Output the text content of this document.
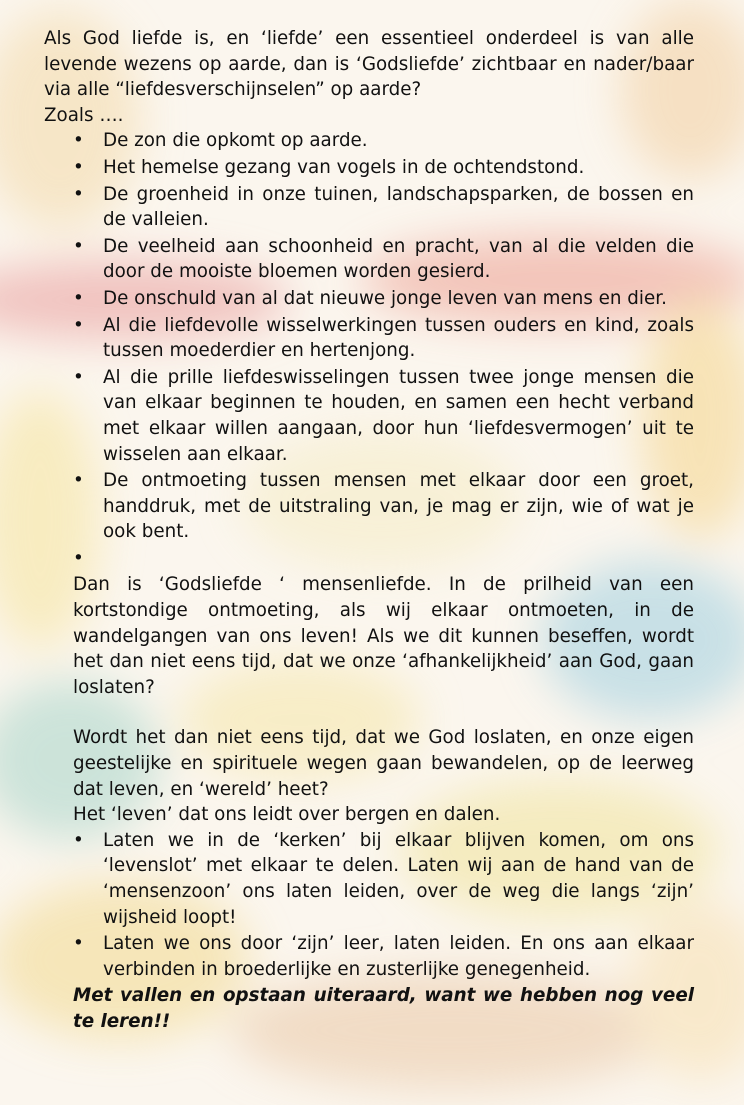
Als God liefde is, en ‘liefde’ een essentieel onderdeel is van alle levende wezens op aarde, dan is ‘Godsliefde’ zichtbaar en nader/baar via alle “liefdesverschijnselen” op aarde?

Zoals ….

• De zon die opkomt op aarde.
• Het hemelse gezang van vogels in de ochtendstond.
• De groenheid in onze tuinen, landschapsparken, de bossen en de valleien.
• De veelheid aan schoonheid en pracht, van al die velden die door de mooiste bloemen worden gesierd.
• De onschuld van al dat nieuwe jonge leven van mens en dier.
• Al die liefdevolle wisselwerkingen tussen ouders en kind, zoals tussen moederdier en hertenjong.
• Al die prille liefdeswisselingen tussen twee jonge mensen die van elkaar beginnen te houden, en samen een hecht verband met elkaar willen aangaan, door hun ‘liefdesvermogen’ uit te wisselen aan elkaar.
• De ontmoeting tussen mensen met elkaar door een groet, handdruk, met de uitstraling van, je mag er zijn, wie of wat je ook bent.
•

Dan is ‘Godsliefde ‘ mensenliefde. In de prilheid van een kortstondige ontmoeting, als wij elkaar ontmoeten, in de wandelgangen van ons leven! Als we dit kunnen beseffen, wordt het dan niet eens tijd, dat we onze ‘afhankelijkheid’ aan God, gaan loslaten?

Wordt het dan niet eens tijd, dat we God loslaten, en onze eigen geestelijke en spirituele wegen gaan bewandelen, op de leerweg dat leven, en ‘wereld’ heet?

Het ‘leven’ dat ons leidt over bergen en dalen.

• Laten we in de ‘kerken’ bij elkaar blijven komen, om ons ‘levenslot’ met elkaar te delen. Laten wij aan de hand van de ‘mensenzoon’ ons laten leiden, over de weg die langs ‘zijn’ wijsheid loopt!
• Laten we ons door ‘zijn’ leer, laten leiden. En ons aan elkaar verbinden in broederlijke en zusterlijke genegenheid.

Met vallen en opstaan uiteraard, want we hebben nog veel te leren!!
